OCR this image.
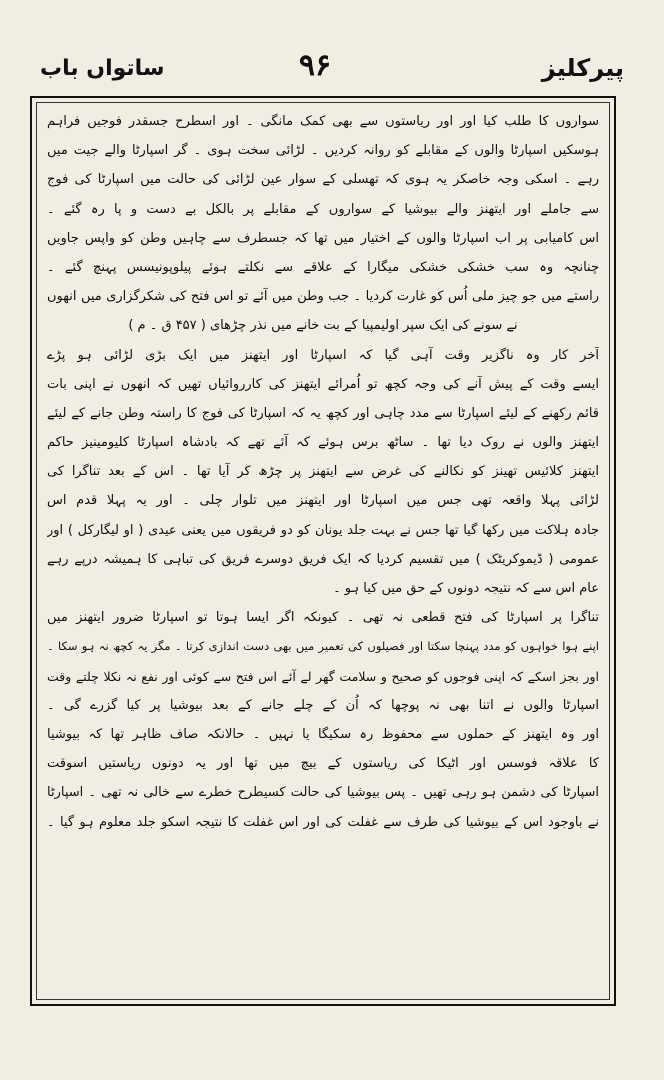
ساتواں باب	۹۶	پیرکلیز
سواروں کا طلب کیا اور اور ریاستوں سے بھی کمک مانگی ۔ اور اسطرح جسقدر فوجیں فراہم
ہوسکیں اسپارٹا والوں کے مقابلے کو روانہ کردیں ۔ لڑائی سخت ہوی ۔ گر اسپارٹا والے جیت میں
رہے ۔ اسکی وجہ خاصکر یہ ہوی کہ تھسلی کے سوار عین لڑائی کی حالت میں اسپارٹا کی فوج
سے جاملے اور ایتھنز والے بیوشیا کے سواروں کے مقابلے پر بالکل بے دست و پا رہ گئے ۔
اس کامیابی پر اب اسپارٹا والوں کے اختیار میں تھا کہ جسطرف سے چاہیں وطن کو واپس جاویں
چنانچہ وہ سب خشکی خشکی میگارا کے علاقے سے نکلتے ہوئے پیلوپونیسس پہنچ گئے ۔
راستے میں جو چیز ملی اُس کو غارت کردیا ۔ جب وطن میں آئے تو اس فتح کی شکرگزاری میں انھوں
نے سونے کی ایک سپر اولیمپیا کے بت خانے میں نذر چڑھای ( ۴۵۷ ق ۔ م )
آخر کار وہ ناگزیر وقت آہی گیا کہ اسپارٹا اور ایتھنز میں ایک بڑی لڑائی ہو پڑے
ایسے وقت کے پیش آنے کی وجہ کچھ تو اُمرائے ایتھنز کی کارروائیاں تھیں کہ انھوں نے اپنی بات
قائم رکھنے کے لیئے اسپارٹا سے مدد چاہی اور کچھ یہ کہ اسپارٹا کی فوج کا راستہ وطن جانے کے لیئے
ایتھنز والوں نے روک دیا تھا ۔ ساٹھ برس ہوئے کہ آئے تھے کہ بادشاہ اسپارٹا کلیومینیز حاکم
ایتھنز کلائیس تھینز کو نکالنے کی غرض سے ایتھنز پر چڑھ کر آیا تھا ۔ اس کے بعد تناگرا کی
لڑائی پہلا واقعہ تھی جس میں اسپارٹا اور ایتھنز میں تلوار چلی ۔ اور یہ پہلا قدم اس
جادہ ہلاکت میں رکھا گیا تھا جس نے بہت جلد یونان کو دو فریقوں میں یعنی عیدی ( او لیگارکل ) اور
عمومی ( ڈیموکریٹک ) میں تقسیم کردیا کہ ایک فریق دوسرے فریق کی تباہی کا ہمیشہ درپے رہے
عام اس سے کہ نتیجہ دونوں کے حق میں کیا ہو ۔
تناگرا پر اسپارٹا کی فتح قطعی نہ تھی ۔ کیونکہ اگر ایسا ہوتا تو اسپارٹا ضرور ایتھنز میں
اپنے ہوا خواہوں کو مدد پہنچا سکتا اور فصیلوں کی تعمیر میں بھی دست اندازی کرتا ۔ مگر یہ کچھ نہ ہو سکا ۔
اور بجز اسکے کہ اپنی فوجوں کو صحیح و سلامت گھر لے آئے اس فتح سے کوئی اور نفع نہ نکلا چلتے وقت
اسپارٹا والوں نے اتنا بھی نہ پوچھا کہ اُن کے چلے جانے کے بعد بیوشیا پر کیا گزرے گی ۔
اور وہ ایتھنز کے حملوں سے محفوظ رہ سکیگا یا نہیں ۔ حالانکہ صاف ظاہر تھا کہ بیوشیا
کا علاقہ فوسس اور اٹیکا کی ریاستوں کے بیچ میں تھا اور یہ دونوں ریاستیں اسوقت
اسپارٹا کی دشمن ہو رہی تھیں ۔ پس بیوشیا کی حالت کسیطرح خطرے سے خالی نہ تھی ۔ اسپارٹا
نے باوجود اس کے بیوشیا کی طرف سے غفلت کی اور اس غفلت کا نتیجہ اسکو جلد معلوم ہو گیا ۔
